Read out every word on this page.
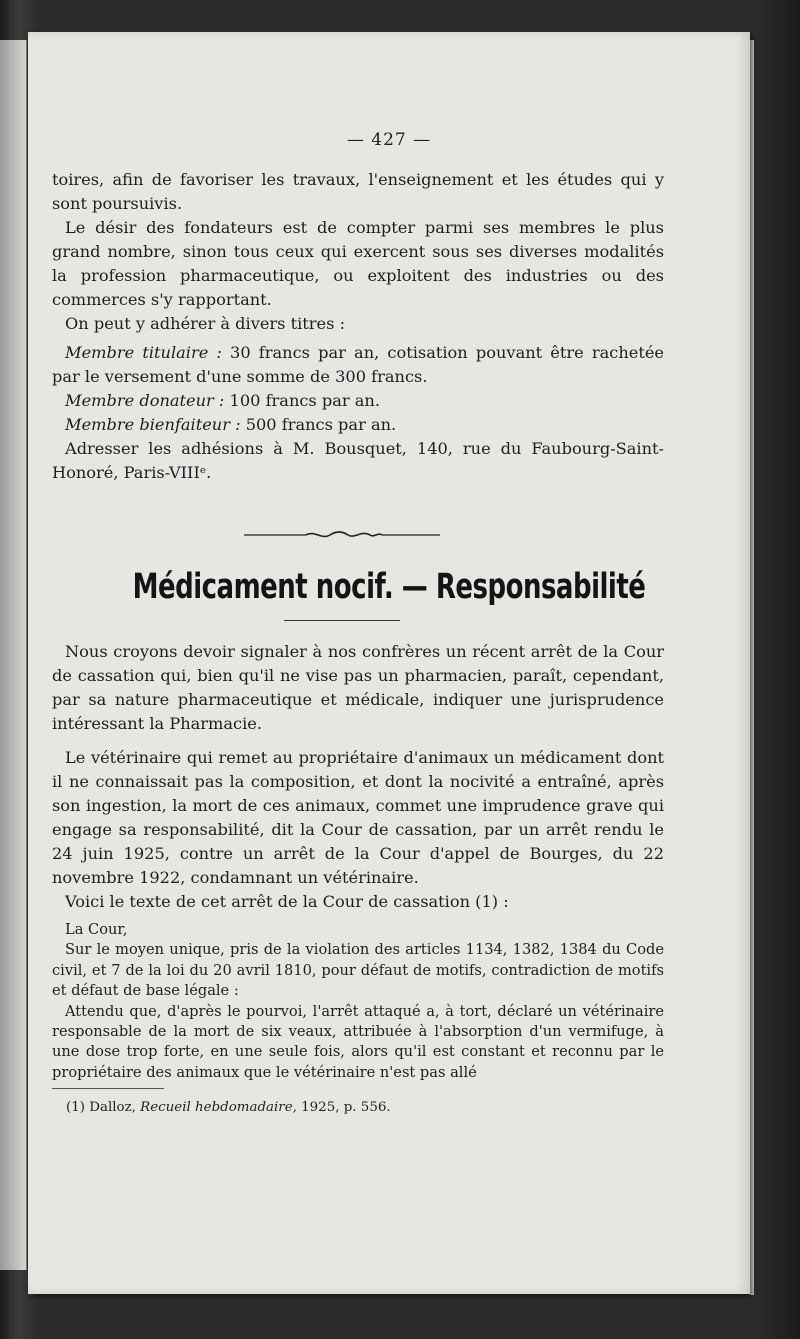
— 427 —

toires, afin de favoriser les travaux, l'enseignement et les études qui y sont poursuivis.

Le désir des fondateurs est de compter parmi ses membres le plus grand nombre, sinon tous ceux qui exercent sous ses diverses modalités la profession pharmaceutique, ou exploitent des industries ou des commerces s'y rapportant.

On peut y adhérer à divers titres :

Membre titulaire : 30 francs par an, cotisation pouvant être rachetée par le versement d'une somme de 300 francs.

Membre donateur : 100 francs par an.

Membre bienfaiteur : 500 francs par an.

Adresser les adhésions à M. Bousquet, 140, rue du Faubourg-Saint-Honoré, Paris-VIIIᵉ.

Médicament nocif. — Responsabilité

Nous croyons devoir signaler à nos confrères un récent arrêt de la Cour de cassation qui, bien qu'il ne vise pas un pharmacien, paraît, cependant, par sa nature pharmaceutique et médicale, indiquer une jurisprudence intéressant la Pharmacie.

Le vétérinaire qui remet au propriétaire d'animaux un médicament dont il ne connaissait pas la composition, et dont la nocivité a entraîné, après son ingestion, la mort de ces animaux, commet une imprudence grave qui engage sa responsabilité, dit la Cour de cassation, par un arrêt rendu le 24 juin 1925, contre un arrêt de la Cour d'appel de Bourges, du 22 novembre 1922, condamnant un vétérinaire.

Voici le texte de cet arrêt de la Cour de cassation (1) :

La Cour,

Sur le moyen unique, pris de la violation des articles 1134, 1382, 1384 du Code civil, et 7 de la loi du 20 avril 1810, pour défaut de motifs, contradiction de motifs et défaut de base légale :

Attendu que, d'après le pourvoi, l'arrêt attaqué a, à tort, déclaré un vétérinaire responsable de la mort de six veaux, attribuée à l'absorption d'un vermifuge, à une dose trop forte, en une seule fois, alors qu'il est constant et reconnu par le propriétaire des animaux que le vétérinaire n'est pas allé

(1) Dalloz, Recueil hebdomadaire, 1925, p. 556.
